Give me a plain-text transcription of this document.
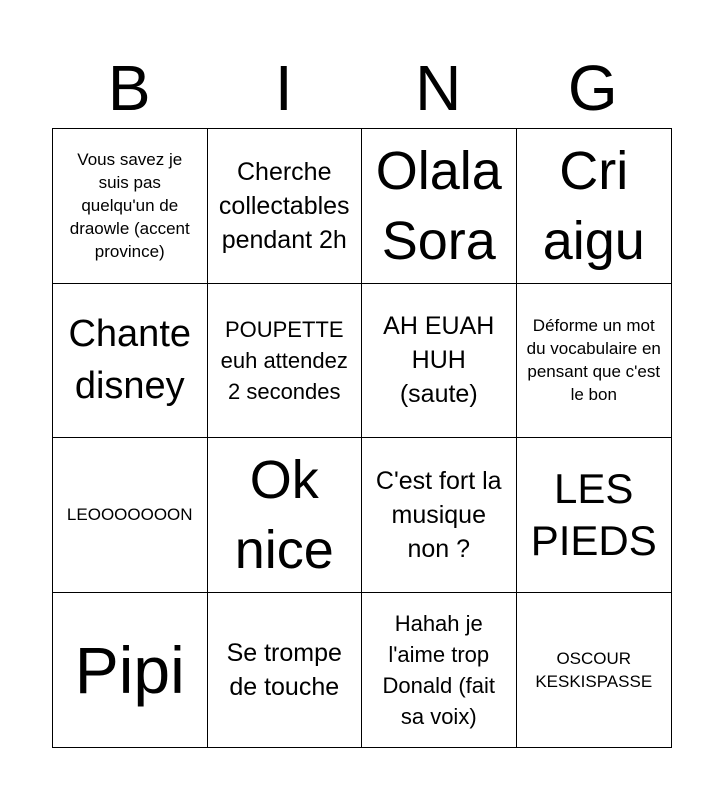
B	I	N	G
Vous savez je suis pas quelqu'un de draowle (accent province)
Cherche collectables pendant 2h
Olala Sora
Cri aigu
Chante disney
POUPETTE euh attendez 2 secondes
AH EUAH HUH (saute)
Déforme un mot du vocabulaire en pensant que c'est le bon
LEOOOOOOON
Ok nice
C'est fort la musique non ?
LES PIEDS
Pipi	Se trompe de touche
Hahah je l'aime trop Donald (fait sa voix)
OSCOUR KESKISPASSE
